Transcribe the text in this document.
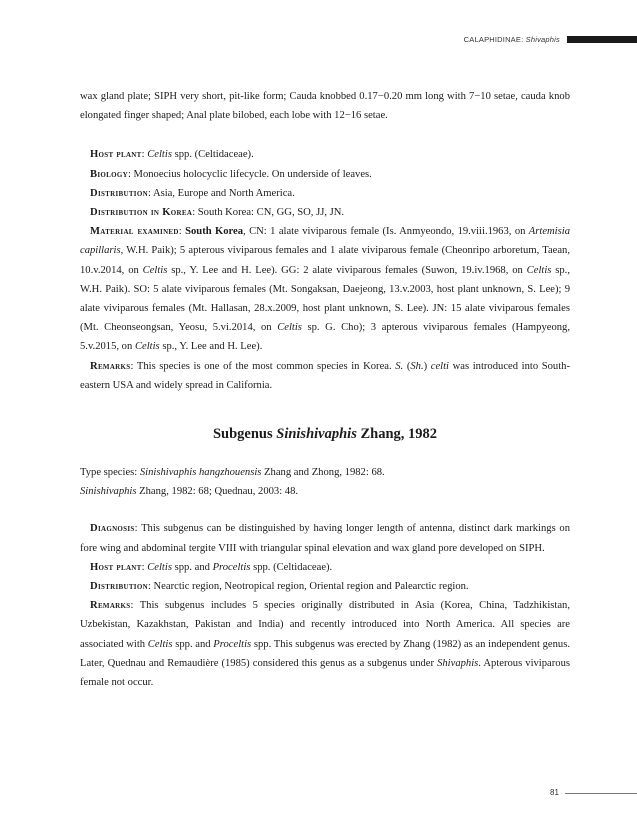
CALAPHIDINAE: Shivaphis

wax gland plate; SIPH very short, pit-like form; Cauda knobbed 0.17−0.20 mm long with 7−10 setae, cauda knob elongated finger shaped; Anal plate bilobed, each lobe with 12−16 setae.

Host plant: Celtis spp. (Celtidaceae).

Biology: Monoecius holocyclic lifecycle. On underside of leaves.

Distribution: Asia, Europe and North America.

Distribution in Korea: South Korea: CN, GG, SO, JJ, JN.

Material examined: South Korea, CN: 1 alate viviparous female (Is. Anmyeondo, 19.viii.1963, on Artemisia capillaris, W.H. Paik); 5 apterous viviparous females and 1 alate viviparous female (Cheonripo arboretum, Taean, 10.v.2014, on Celtis sp., Y. Lee and H. Lee). GG: 2 alate viviparous females (Suwon, 19.iv.1968, on Celtis sp., W.H. Paik). SO: 5 alate viviparous females (Mt. Songaksan, Daejeong, 13.v.2003, host plant unknown, S. Lee); 9 alate viviparous females (Mt. Hallasan, 28.x.2009, host plant unknown, S. Lee). JN: 15 alate viviparous females (Mt. Cheonseongsan, Yeosu, 5.vi.2014, on Celtis sp. G. Cho); 3 apterous viviparous females (Hampyeong, 5.v.2015, on Celtis sp., Y. Lee and H. Lee).

Remarks: This species is one of the most common species in Korea. S. (Sh.) celti was introduced into South-eastern USA and widely spread in California.

Subgenus Sinishivaphis Zhang, 1982

Type species: Sinishivaphis hangzhouensis Zhang and Zhong, 1982: 68.

Sinishivaphis Zhang, 1982: 68; Quednau, 2003: 48.

Diagnosis: This subgenus can be distinguished by having longer length of antenna, distinct dark markings on fore wing and abdominal tergite VIII with triangular spinal elevation and wax gland pore developed on SIPH.

Host plant: Celtis spp. and Proceltis spp. (Celtidaceae).

Distribution: Nearctic region, Neotropical region, Oriental region and Palearctic region.

Remarks: This subgenus includes 5 species originally distributed in Asia (Korea, China, Tadzhikistan, Uzbekistan, Kazakhstan, Pakistan and India) and recently introduced into North America. All species are associated with Celtis spp. and Proceltis spp. This subgenus was erected by Zhang (1982) as an independent genus. Later, Quednau and Remaudière (1985) considered this genus as a subgenus under Shivaphis. Apterous viviparous female not occur.

81
